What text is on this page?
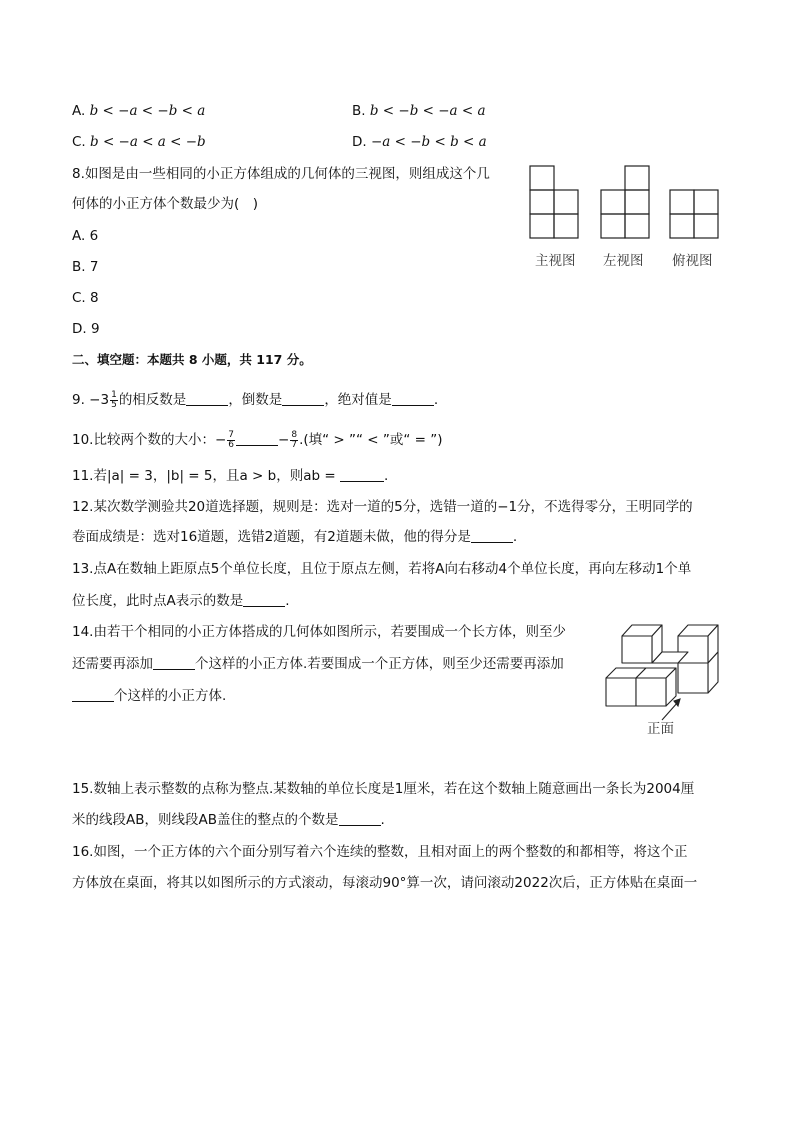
A. b < −a < −b < a	B. b < −b < −a < a
C. b < −a < a < −b	D. −a < −b < b < a
8.如图是由一些相同的小正方体组成的几何体的三视图，则组成这个几
何体的小正方体个数最少为(　)
A. 6
B. 7
C. 8
D. 9
主视图 左视图 俯视图
二、填空题：本题共 8 小题，共 117 分。
9. $-3 \frac{1}{5}$ 的相反数是	，倒数是	，绝对值是	.
10.比较两个数的大小：− $\frac{7}{6}$	− $\frac{8}{7}$ .(填“ > ”“ < ”或“ = ”)
11.若|a| = 3，|b| = 5，且a > b，则ab =	.
12.某次数学测验共20道选择题，规则是：选对一道的5分，选错一道的−1分，不选得零分，王明同学的
卷面成绩是：选对16道题，选错2道题，有2道题未做，他的得分是	.
13.点A在数轴上距原点5个单位长度，且位于原点左侧，若将A向右移动4个单位长度，再向左移动1个单
位长度，此时点A表示的数是	.
14.由若干个相同的小正方体搭成的几何体如图所示，若要围成一个长方体，则至少
还需要再添加	个这样的小正方体.若要围成一个正方体，则至少还需要再添加
个这样的小正方体.
正面
15.数轴上表示整数的点称为整点.某数轴的单位长度是1厘米，若在这个数轴上随意画出一条长为2004厘
米的线段AB，则线段AB盖住的整点的个数是	.
16.如图，一个正方体的六个面分别写着六个连续的整数，且相对面上的两个整数的和都相等，将这个正
方体放在桌面，将其以如图所示的方式滚动，每滚动90°算一次，请问滚动2022次后，正方体贴在桌面一
